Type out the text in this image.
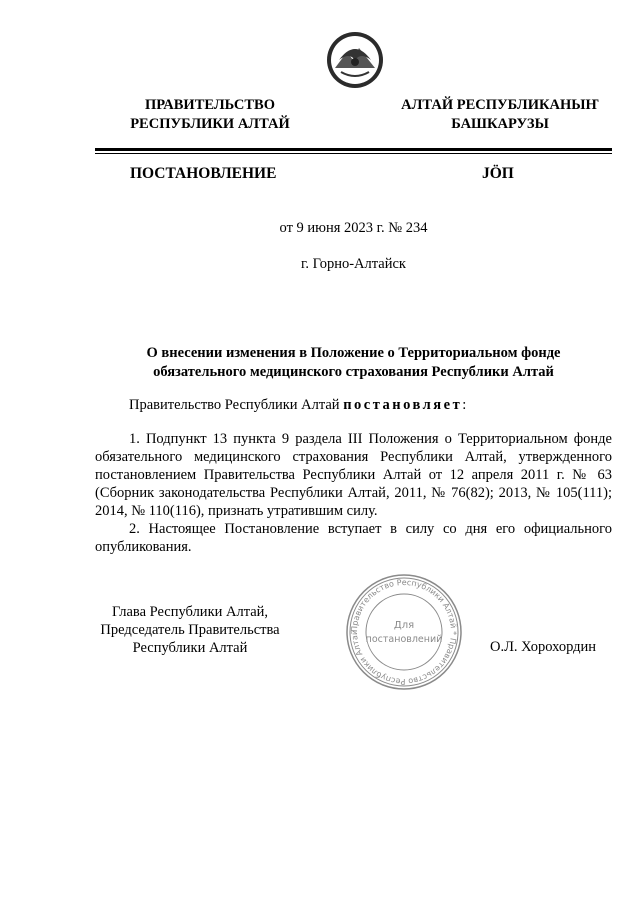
ПРАВИТЕЛЬСТВО
РЕСПУБЛИКИ АЛТАЙ
АЛТАЙ РЕСПУБЛИКАНЫҤ
БАШКАРУЗЫ
ПОСТАНОВЛЕНИЕ	JӦП
от 9 июня 2023 г. № 234
г. Горно-Алтайск
О внесении изменения в Положение о Территориальном фонде
обязательного медицинского страхования Республики Алтай
Правительство Республики Алтай постановляет:
1. Подпункт 13 пункта 9 раздела III Положения о Территориальном фонде обязательного медицинского страхования Республики Алтай, утвержденного постановлением Правительства Республики Алтай от 12 апреля 2011 г. № 63 (Сборник законодательства Республики Алтай, 2011, № 76(82); 2013, № 105(111); 2014, № 110(116), признать утратившим силу.
2. Настоящее Постановление вступает в силу со дня его официального опубликования.
Глава Республики Алтай,
Председатель Правительства
Республики Алтай	О.Л. Хорохордин
Правительство Республики Алтай * Правительство Республики Алтай
Для
постановлений
